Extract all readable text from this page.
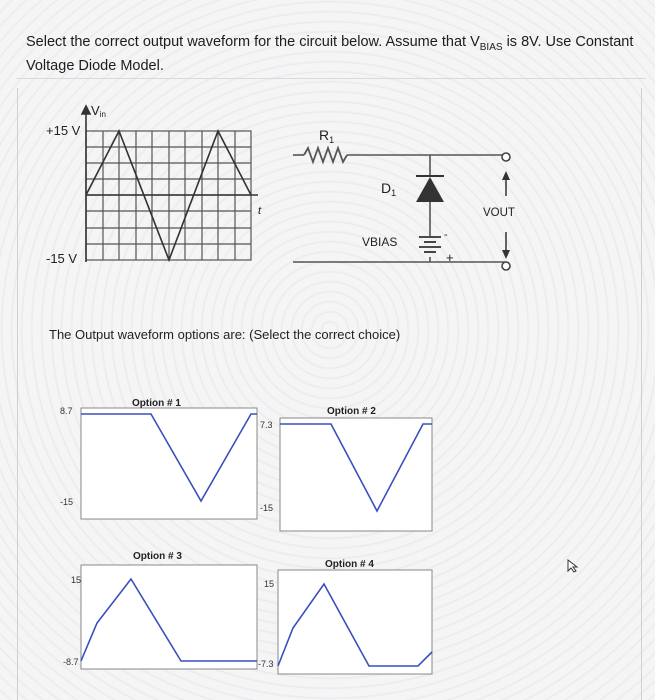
Select the correct output waveform for the circuit below. Assume that $V_{BIAS}$ is 8V. Use Constant Voltage Diode Model.
Vin
+15 V
-15 V
t
$R_1$
$D_1$
VBIAS
VOUT
+
-
The Output waveform options are: (Select the correct choice)
Option # 1
8.7
-15
Option # 2
7.3
-15
Option # 3
15
-8.7
Option # 4
15
-7.3
